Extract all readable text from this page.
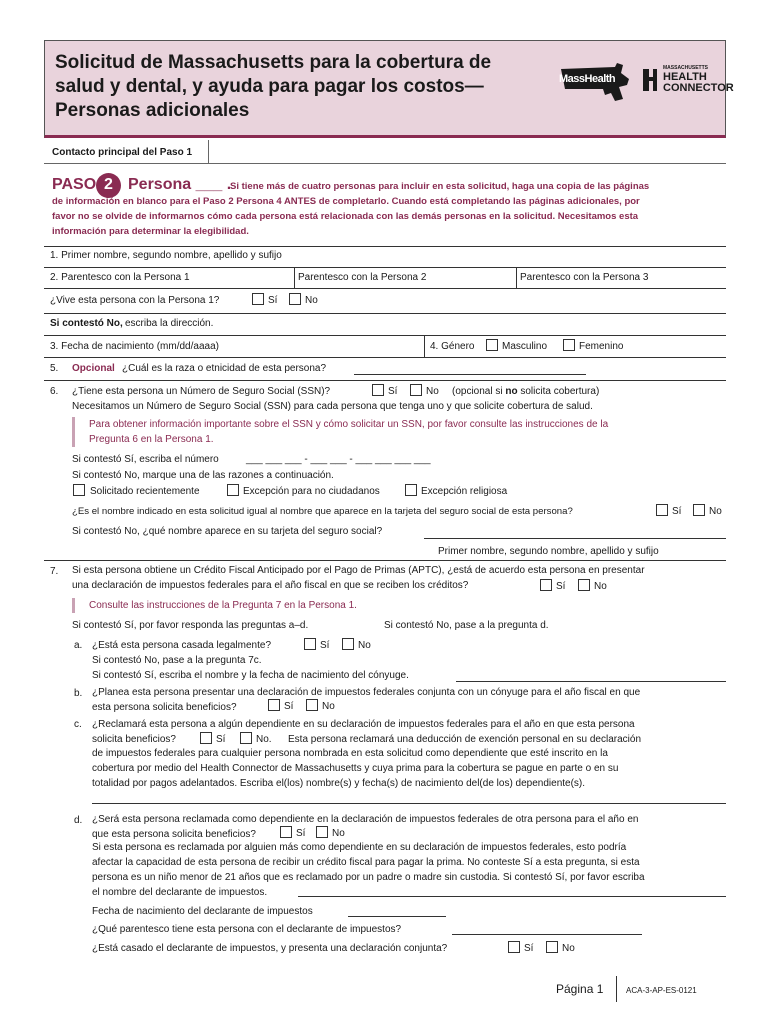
Solicitud de Massachusetts para la cobertura de
salud y dental, y ayuda para pagar los costos—
Personas adicionales
MassHealth
MASSACHUSETTS
HEALTH
CONNECTOR
Contacto principal del Paso 1
PASO 2 Persona ___ .
Si tiene más de cuatro personas para incluir en esta solicitud, haga una copia de las páginas
de información en blanco para el Paso 2 Persona 4 ANTES de completarlo. Cuando está completando las páginas adicionales, por
favor no se olvide de informarnos cómo cada persona está relacionada con las demás personas en la solicitud. Necesitamos esta
información para determinar la elegibilidad.
1. Primer nombre, segundo nombre, apellido y sufijo
2. Parentesco con la Persona 1	Parentesco con la Persona 2	Parentesco con la Persona 3
¿Vive esta persona con la Persona 1?	Sí	No
Si contestó No, escriba la dirección.
3. Fecha de nacimiento (mm/dd/aaaa)	4. Género	Masculino	Femenino
5. Opcional ¿Cuál es la raza o etnicidad de esta persona?
6. ¿Tiene esta persona un Número de Seguro Social (SSN)?	Sí	No (opcional si no solicita cobertura)
Necesitamos un Número de Seguro Social (SSN) para cada persona que tenga uno y que solicite cobertura de salud.
Para obtener información importante sobre el SSN y cómo solicitar un SSN, por favor consulte las instrucciones de la
Pregunta 6 en la Persona 1.
Si contestó Sí, escriba el número	___ ___ ___ - ___ ___ - ___ ___ ___ ___
Si contestó No, marque una de las razones a continuación.
Solicitado recientemente	Excepción para no ciudadanos	Excepción religiosa
¿Es el nombre indicado en esta solicitud igual al nombre que aparece en la tarjeta del seguro social de esta persona?	Sí	No
Si contestó No, ¿qué nombre aparece en su tarjeta del seguro social?
Primer nombre, segundo nombre, apellido y sufijo
7. Si esta persona obtiene un Crédito Fiscal Anticipado por el Pago de Primas (APTC), ¿está de acuerdo esta persona en presentar
una declaración de impuestos federales para el año fiscal en que se reciben los créditos?	Sí	No
Consulte las instrucciones de la Pregunta 7 en la Persona 1.
Si contestó Sí, por favor responda las preguntas a–d.	Si contestó No, pase a la pregunta d.
a. ¿Está esta persona casada legalmente?	Sí	No
Si contestó No, pase a la pregunta 7c.
Si contestó Sí, escriba el nombre y la fecha de nacimiento del cónyuge.
b. ¿Planea esta persona presentar una declaración de impuestos federales conjunta con un cónyuge para el año fiscal en que
esta persona solicita beneficios?	Sí	No
c. ¿Reclamará esta persona a algún dependiente en su declaración de impuestos federales para el año en que esta persona
solicita beneficios?	Sí	No. Esta persona reclamará una deducción de exención personal en su declaración
de impuestos federales para cualquier persona nombrada en esta solicitud como dependiente que esté inscrito en la
cobertura por medio del Health Connector de Massachusetts y cuya prima para la cobertura se pague en parte o en su
totalidad por pagos adelantados. Escriba el(los) nombre(s) y fecha(s) de nacimiento del(de los) dependiente(s).
d. ¿Será esta persona reclamada como dependiente en la declaración de impuestos federales de otra persona para el año en
que esta persona solicita beneficios?	Sí	No
Si esta persona es reclamada por alguien más como dependiente en su declaración de impuestos federales, esto podría
afectar la capacidad de esta persona de recibir un crédito fiscal para pagar la prima. No conteste Sí a esta pregunta, si esta
persona es un niño menor de 21 años que es reclamado por un padre o madre sin custodia. Si contestó Sí, por favor escriba
el nombre del declarante de impuestos.
Fecha de nacimiento del declarante de impuestos
¿Qué parentesco tiene esta persona con el declarante de impuestos?
¿Está casado el declarante de impuestos, y presenta una declaración conjunta?	Sí	No
Página 1	ACA-3-AP-ES-0121
